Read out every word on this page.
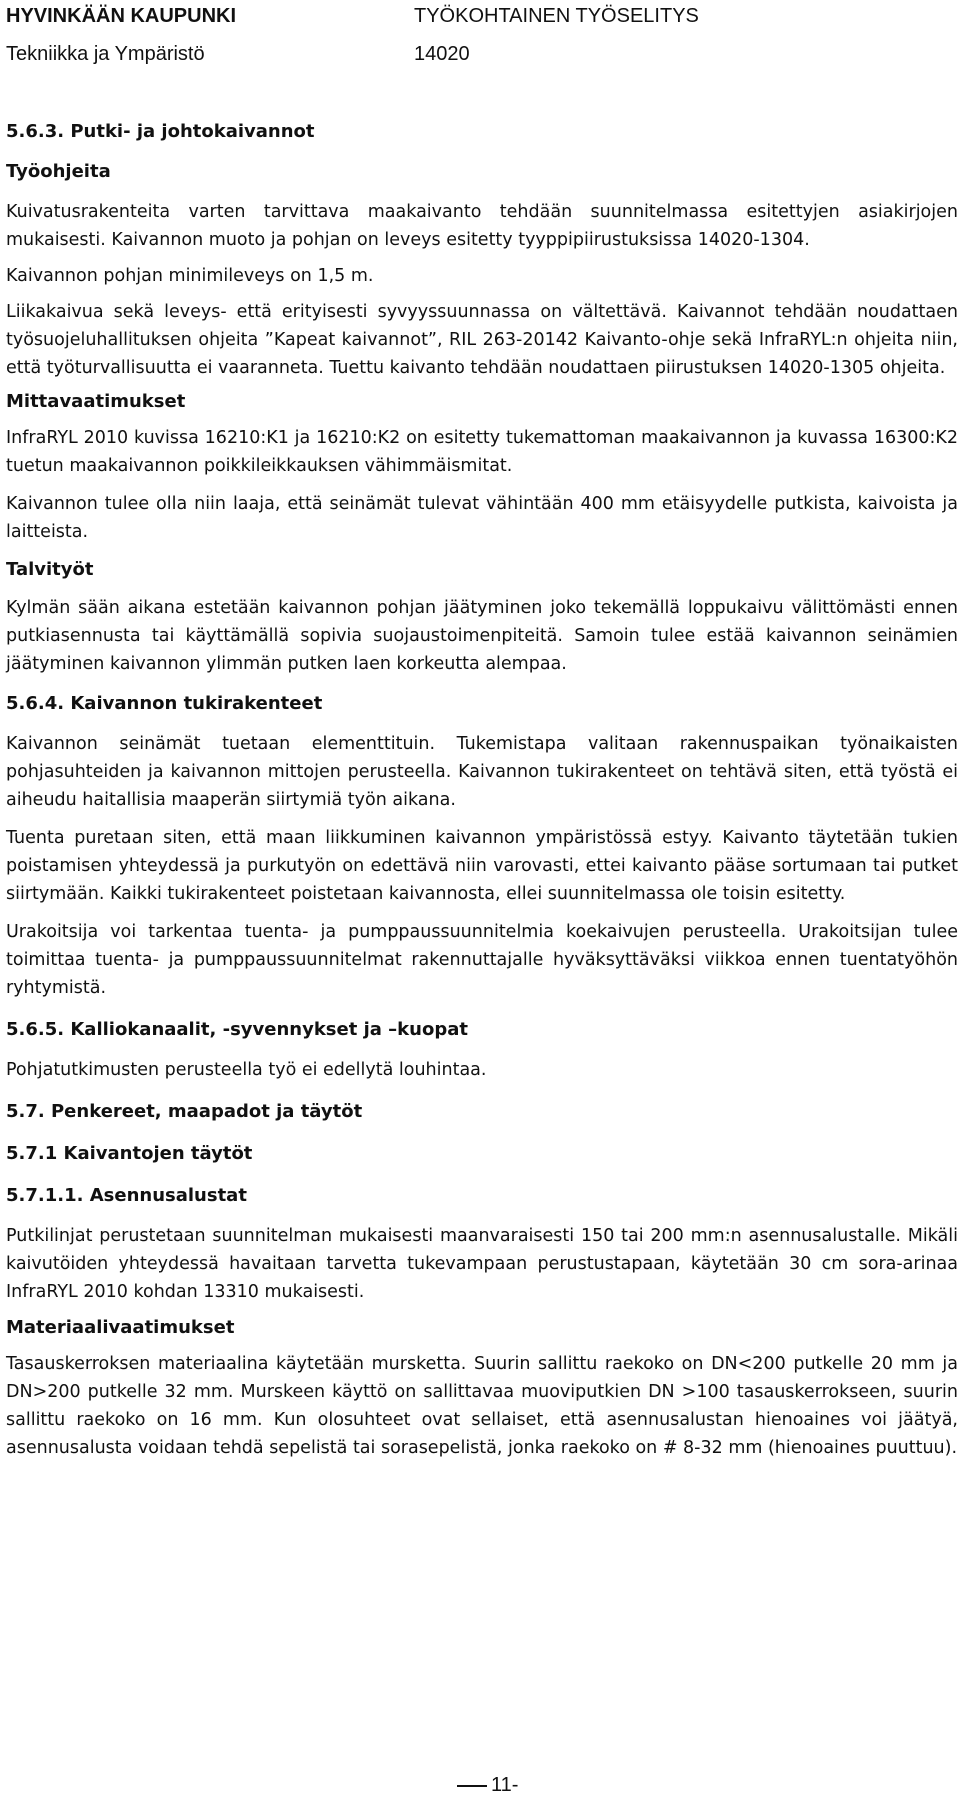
HYVINKÄÄN KAUPUNKI	TYÖKOHTAINEN TYÖSELITYS
Tekniikka ja Ympäristö	14020

5.6.3. Putki- ja johtokaivannot

Työohjeita

Kuivatusrakenteita varten tarvittava maakaivanto tehdään suunnitelmassa esitettyjen asiakirjojen mukaisesti. Kaivannon muoto ja pohjan on leveys esitetty tyyppipiirustuksissa 14020-1304.

Kaivannon pohjan minimileveys on 1,5 m.

Liikakaivua sekä leveys- että erityisesti syvyyssuunnassa on vältettävä. Kaivannot tehdään noudattaen työsuojeluhallituksen ohjeita ”Kapeat kaivannot”, RIL 263-20142 Kaivanto-ohje sekä InfraRYL:n ohjeita niin, että työturvallisuutta ei vaaranneta. Tuettu kaivanto tehdään noudattaen piirustuksen 14020-1305 ohjeita.

Mittavaatimukset

InfraRYL 2010 kuvissa 16210:K1 ja 16210:K2 on esitetty tukemattoman maakaivannon ja kuvassa 16300:K2 tuetun maakaivannon poikkileikkauksen vähimmäismitat.

Kaivannon tulee olla niin laaja, että seinämät tulevat vähintään 400 mm etäisyydelle putkista, kaivoista ja laitteista.

Talvityöt

Kylmän sään aikana estetään kaivannon pohjan jäätyminen joko tekemällä loppukaivu välittömästi ennen putkiasennusta tai käyttämällä sopivia suojaustoimenpiteitä. Samoin tulee estää kaivannon seinämien jäätyminen kaivannon ylimmän putken laen korkeutta alempaa.

5.6.4. Kaivannon tukirakenteet

Kaivannon seinämät tuetaan elementtituin. Tukemistapa valitaan rakennuspaikan työnaikaisten pohjasuhteiden ja kaivannon mittojen perusteella. Kaivannon tukirakenteet on tehtävä siten, että työstä ei aiheudu haitallisia maaperän siirtymiä työn aikana.

Tuenta puretaan siten, että maan liikkuminen kaivannon ympäristössä estyy. Kaivanto täytetään tukien poistamisen yhteydessä ja purkutyön on edettävä niin varovasti, ettei kaivanto pääse sortumaan tai putket siirtymään. Kaikki tukirakenteet poistetaan kaivannosta, ellei suunnitelmassa ole toisin esitetty.

Urakoitsija voi tarkentaa tuenta- ja pumppaussuunnitelmia koekaivujen perusteella. Urakoitsijan tulee toimittaa tuenta- ja pumppaussuunnitelmat rakennuttajalle hyväksyttäväksi viikkoa ennen tuentatyöhön ryhtymistä.

5.6.5. Kalliokanaalit, -syvennykset ja –kuopat

Pohjatutkimusten perusteella työ ei edellytä louhintaa.

5.7. Penkereet, maapadot ja täytöt

5.7.1 Kaivantojen täytöt

5.7.1.1. Asennusalustat

Putkilinjat perustetaan suunnitelman mukaisesti maanvaraisesti 150 tai 200 mm:n asennusalustalle. Mikäli kaivutöiden yhteydessä havaitaan tarvetta tukevampaan perustustapaan, käytetään 30 cm sora-arinaa InfraRYL 2010 kohdan 13310 mukaisesti.

Materiaalivaatimukset

Tasauskerroksen materiaalina käytetään murskettа. Suurin sallittu raekoko on DN<200 putkelle 20 mm ja DN>200 putkelle 32 mm. Murskeen käyttö on sallittavaa muoviputkien DN >100 tasauskerrokseen, suurin sallittu raekoko on 16 mm. Kun olosuhteet ovat sellaiset, että asennusalustan hienoaines voi jäätyä, asennusalusta voidaan tehdä sepelistä tai sorasepelistä, jonka raekoko on # 8-32 mm (hienoaines puuttuu).

11-
